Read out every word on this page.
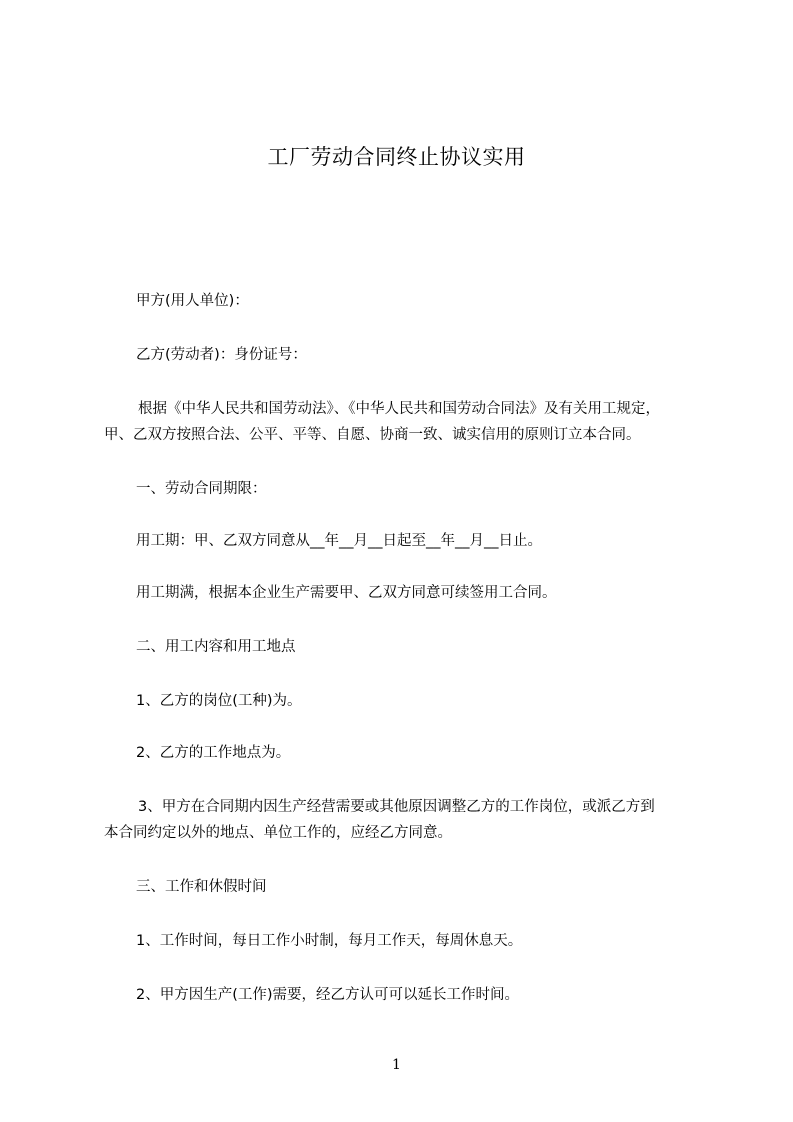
工厂劳动合同终止协议实用

甲方(用人单位)：

乙方(劳动者)：身份证号：

根据《中华人民共和国劳动法》、《中华人民共和国劳动合同法》及有关用工规定，
甲、乙双方按照合法、公平、平等、自愿、协商一致、诚实信用的原则订立本合同。

一、劳动合同期限：

用工期：甲、乙双方同意从__年__月__日起至__年__月__日止。

用工期满，根据本企业生产需要甲、乙双方同意可续签用工合同。

二、用工内容和用工地点

1、乙方的岗位(工种)为。

2、乙方的工作地点为。

3、甲方在合同期内因生产经营需要或其他原因调整乙方的工作岗位，或派乙方到
本合同约定以外的地点、单位工作的，应经乙方同意。

三、工作和休假时间

1、工作时间，每日工作小时制，每月工作天，每周休息天。

2、甲方因生产(工作)需要，经乙方认可可以延长工作时间。

1
